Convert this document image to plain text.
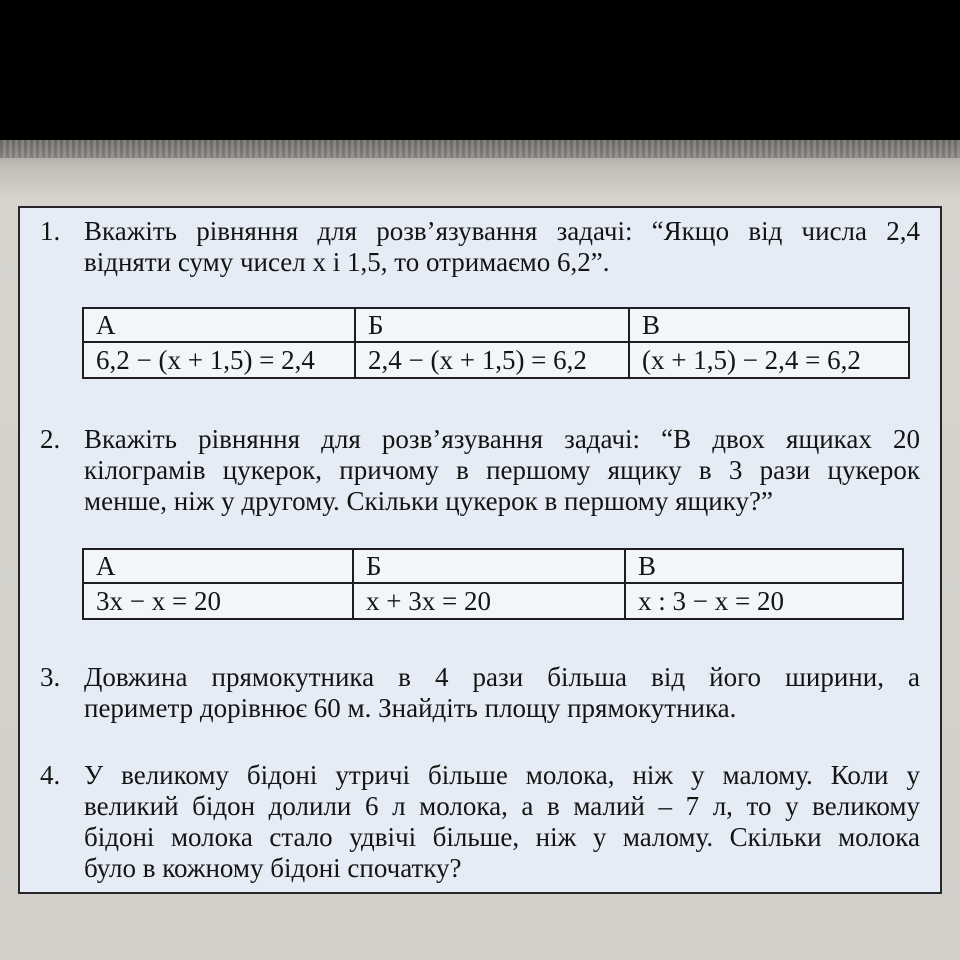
1. Вкажіть рівняння для розв’язування задачі: “Якщо від числа 2,4
відняти суму чисел x і 1,5, то отримаємо 6,2”.
А	Б	В
6,2 − (x + 1,5) = 2,4	2,4 − (x + 1,5) = 6,2	(x + 1,5) − 2,4 = 6,2
2. Вкажіть рівняння для розв’язування задачі: “В двох ящиках 20
кілограмів цукерок, причому в першому ящику в 3 рази цукерок
менше, ніж у другому. Скільки цукерок в першому ящику?”
А	Б	В
3x − x = 20	x + 3x = 20	x : 3 − x = 20
3. Довжина прямокутника в 4 рази більша від його ширини, а
периметр дорівнює 60 м. Знайдіть площу прямокутника.
4. У великому бідоні утричі більше молока, ніж у малому. Коли у
великий бідон долили 6 л молока, а в малий – 7 л, то у великому
бідоні молока стало удвічі більше, ніж у малому. Скільки молока
було в кожному бідоні спочатку?
